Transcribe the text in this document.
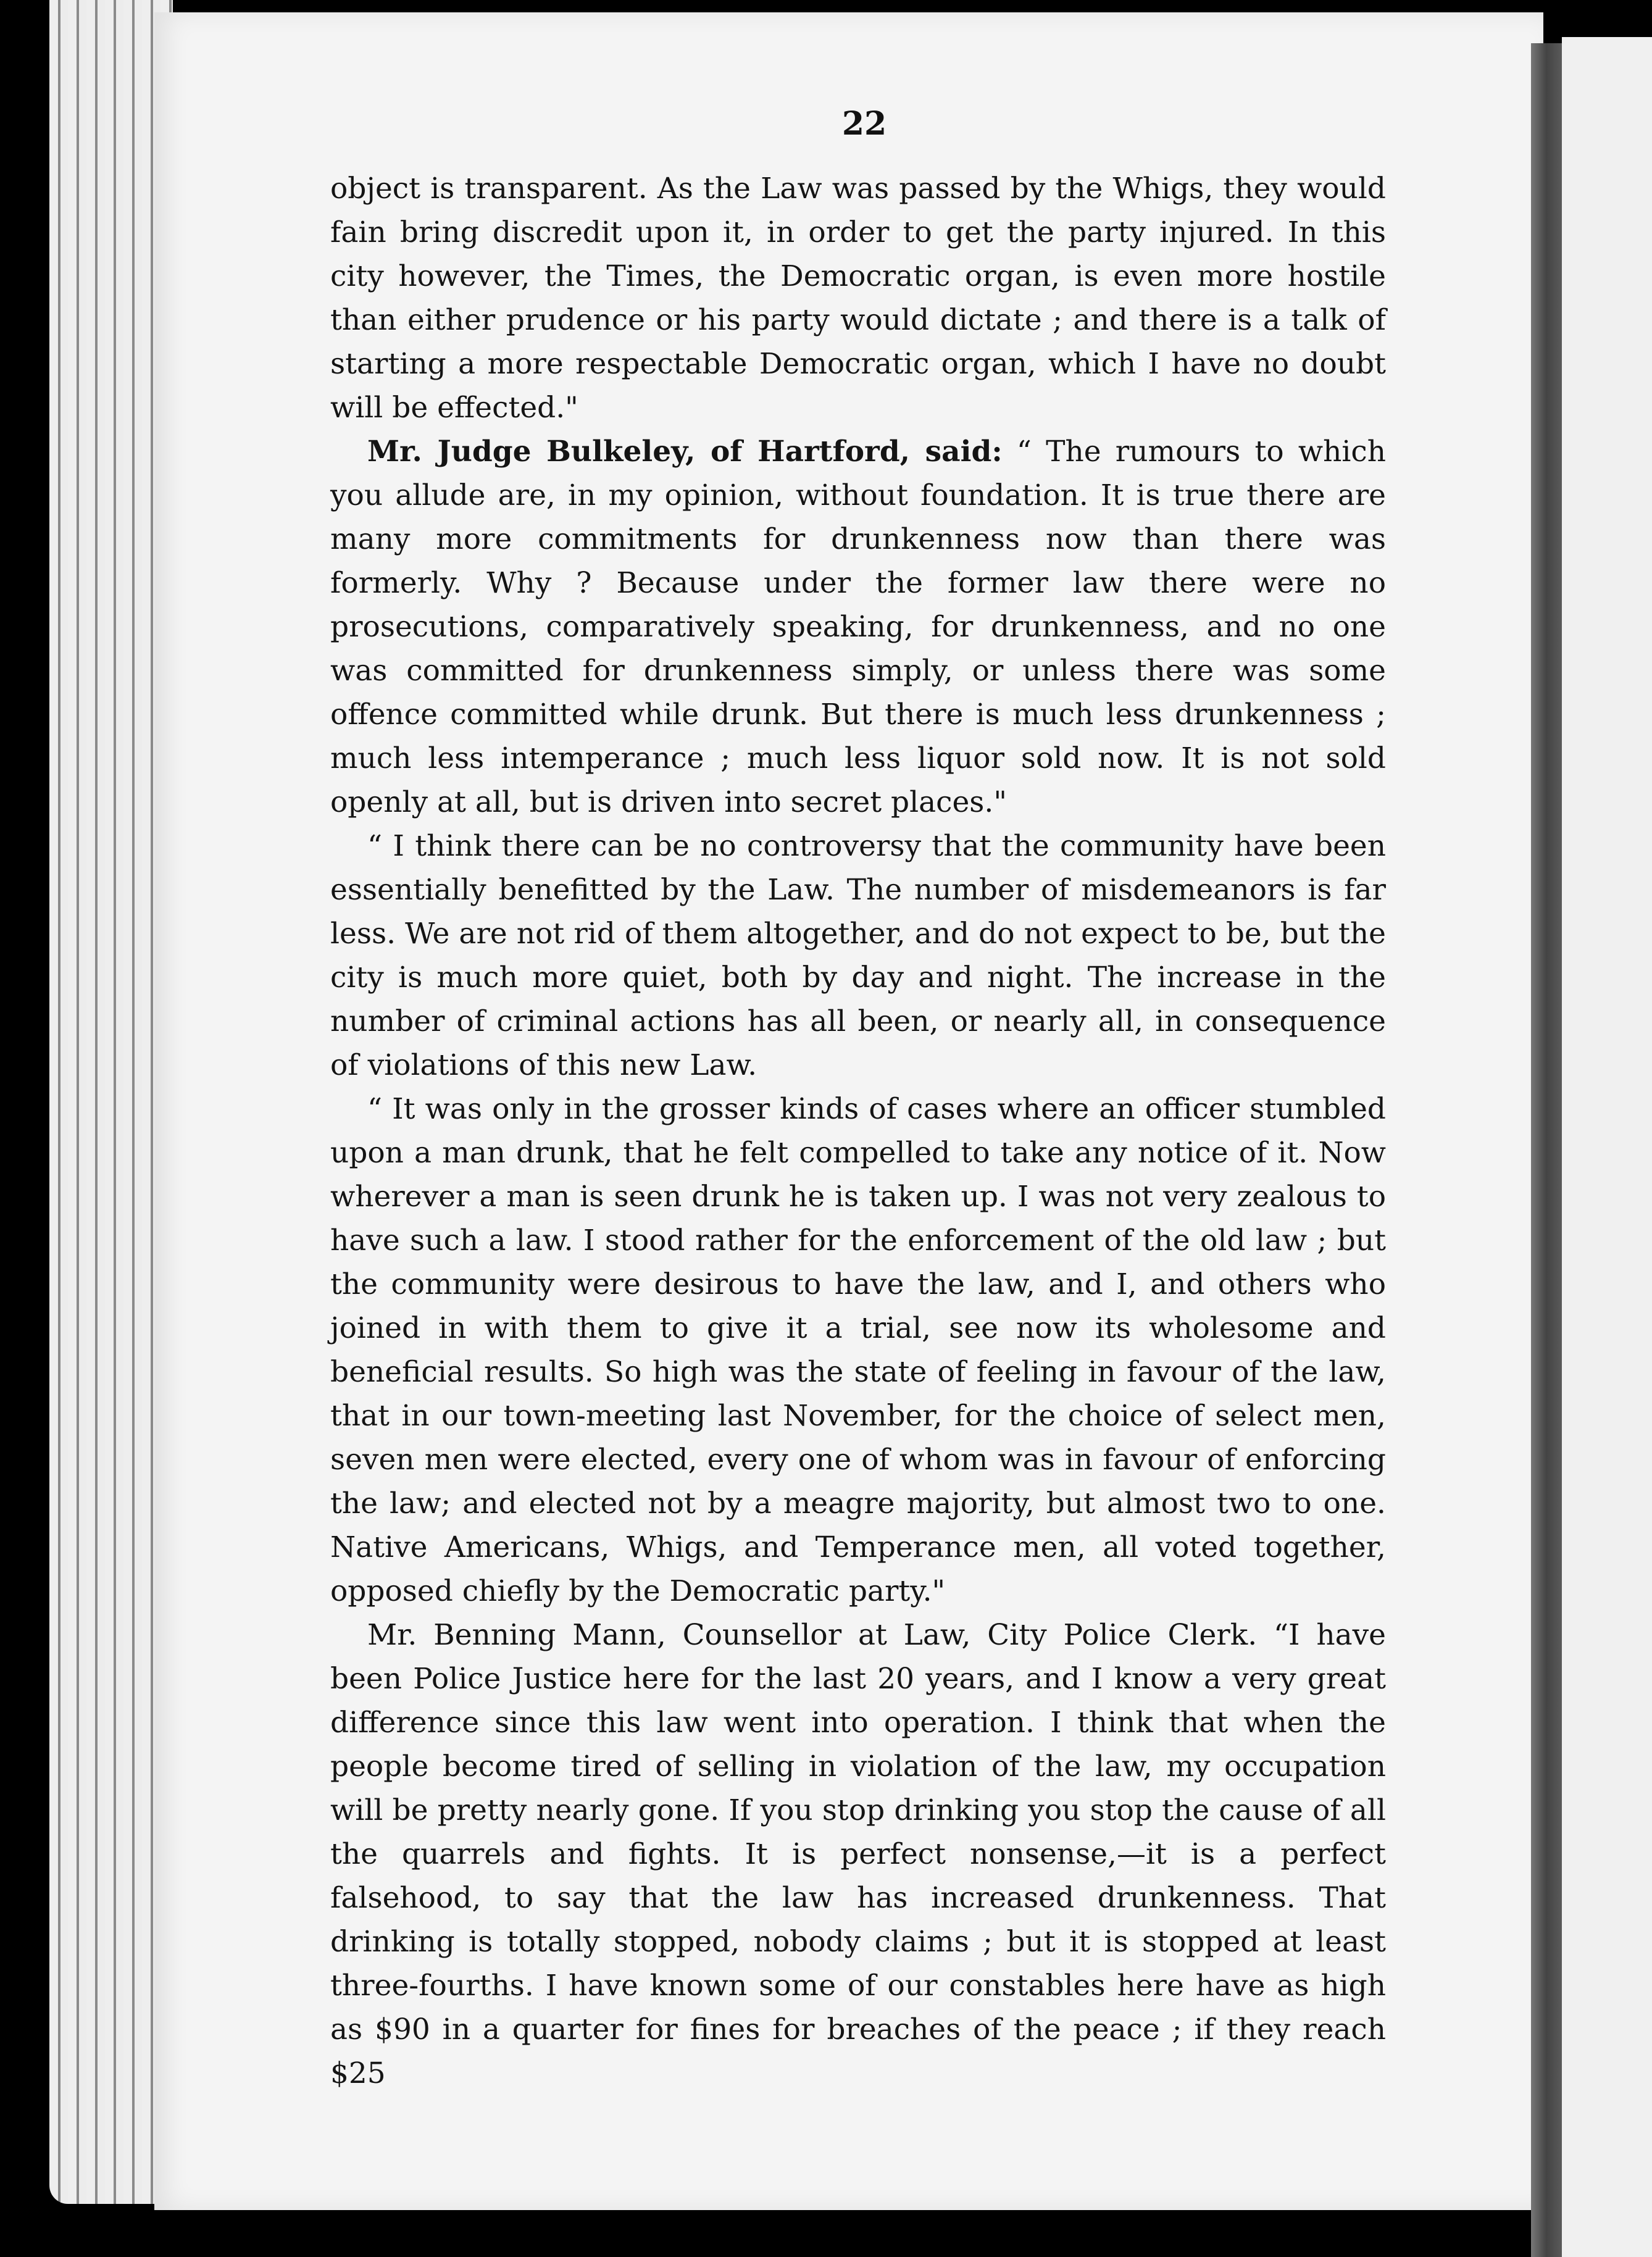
22

object is transparent. As the Law was passed by the Whigs, they would fain bring discredit upon it, in order to get the party injured. In this city however, the Times, the Democratic organ, is even more hostile than either prudence or his party would dictate ; and there is a talk of starting a more respectable Democratic organ, which I have no doubt will be effected."

Mr. Judge Bulkeley, of Hartford, said: “ The rumours to which you allude are, in my opinion, without foundation. It is true there are many more commitments for drunkenness now than there was formerly. Why ? Because under the former law there were no prosecutions, comparatively speaking, for drunkenness, and no one was committed for drunkenness simply, or unless there was some offence committed while drunk. But there is much less drunkenness ; much less intemperance ; much less liquor sold now. It is not sold openly at all, but is driven into secret places."

“ I think there can be no controversy that the community have been essentially benefitted by the Law. The number of misdemeanors is far less. We are not rid of them altogether, and do not expect to be, but the city is much more quiet, both by day and night. The increase in the number of criminal actions has all been, or nearly all, in consequence of violations of this new Law.

“ It was only in the grosser kinds of cases where an officer stumbled upon a man drunk, that he felt compelled to take any notice of it. Now wherever a man is seen drunk he is taken up. I was not very zealous to have such a law. I stood rather for the enforcement of the old law ; but the community were desirous to have the law, and I, and others who joined in with them to give it a trial, see now its wholesome and beneficial results. So high was the state of feeling in favour of the law, that in our town-meeting last November, for the choice of select men, seven men were elected, every one of whom was in favour of enforcing the law; and elected not by a meagre majority, but almost two to one. Native Americans, Whigs, and Temperance men, all voted together, opposed chiefly by the Democratic party."

Mr. Benning Mann, Counsellor at Law, City Police Clerk. “I have been Police Justice here for the last 20 years, and I know a very great difference since this law went into operation. I think that when the people become tired of selling in violation of the law, my occupation will be pretty nearly gone. If you stop drinking you stop the cause of all the quarrels and fights. It is perfect nonsense,—it is a perfect falsehood, to say that the law has increased drunkenness. That drinking is totally stopped, nobody claims ; but it is stopped at least three-fourths. I have known some of our constables here have as high as $90 in a quarter for fines for breaches of the peace ; if they reach $25
